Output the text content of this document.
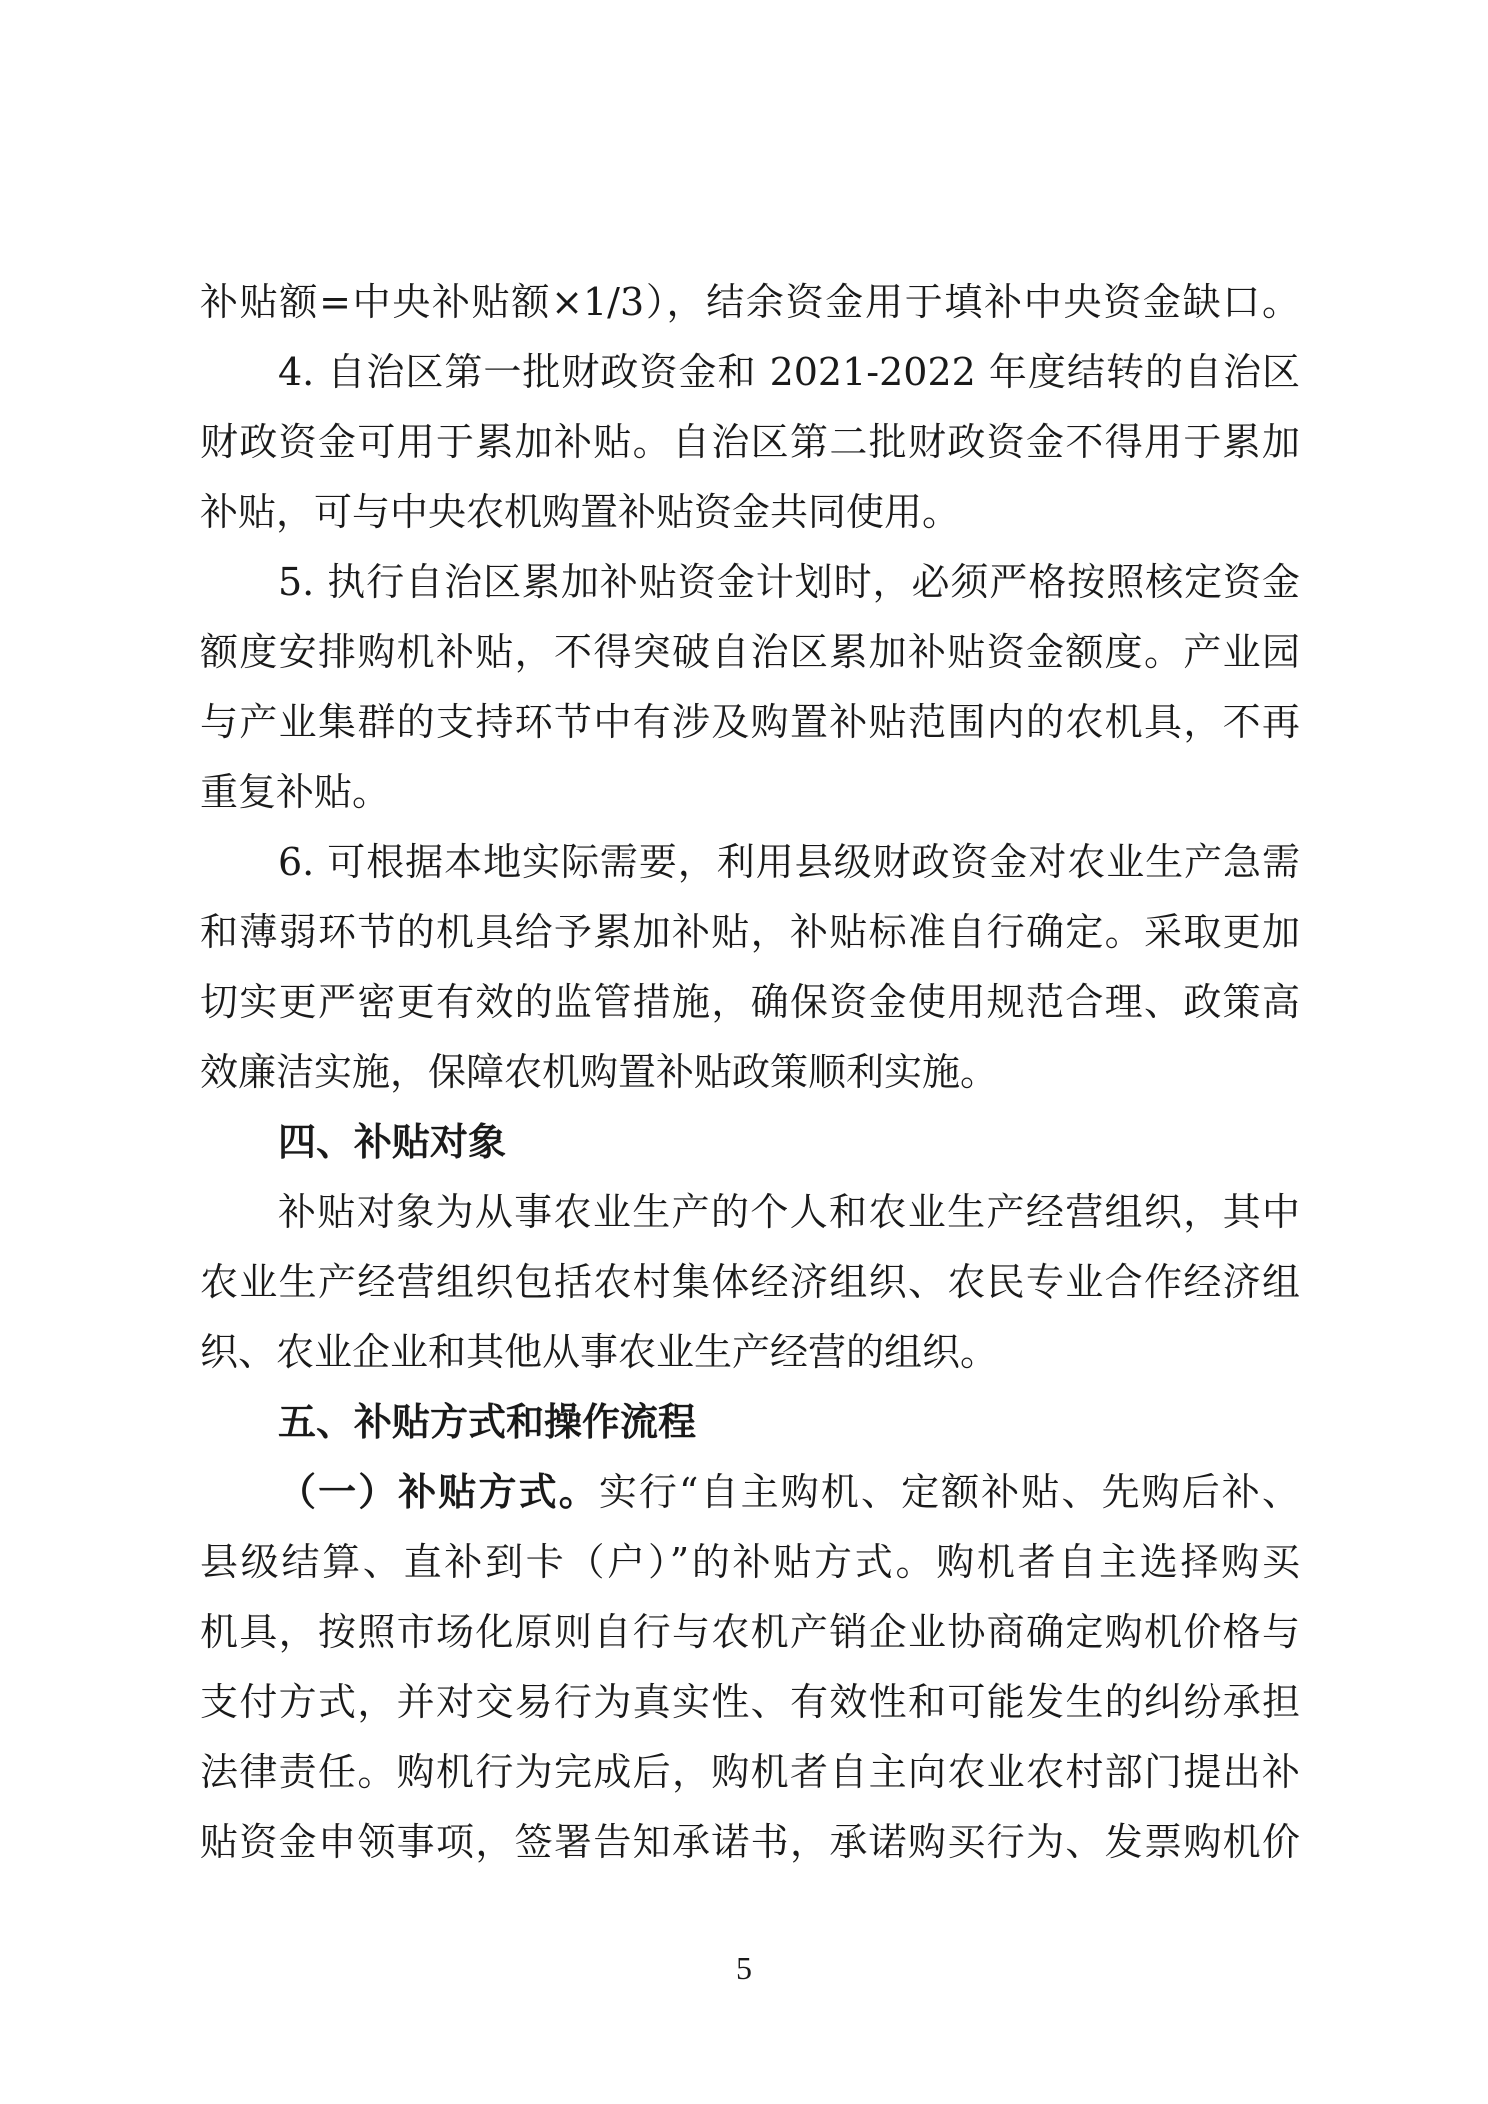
补贴额=中央补贴额×1/3），结余资金用于填补中央资金缺口。
4. 自治区第一批财政资金和 2021-2022 年度结转的自治区
财政资金可用于累加补贴。自治区第二批财政资金不得用于累加
补贴，可与中央农机购置补贴资金共同使用。
5. 执行自治区累加补贴资金计划时，必须严格按照核定资金
额度安排购机补贴，不得突破自治区累加补贴资金额度。产业园
与产业集群的支持环节中有涉及购置补贴范围内的农机具，不再
重复补贴。
6. 可根据本地实际需要，利用县级财政资金对农业生产急需
和薄弱环节的机具给予累加补贴，补贴标准自行确定。采取更加
切实更严密更有效的监管措施，确保资金使用规范合理、政策高
效廉洁实施，保障农机购置补贴政策顺利实施。
四、补贴对象
补贴对象为从事农业生产的个人和农业生产经营组织，其中
农业生产经营组织包括农村集体经济组织、农民专业合作经济组
织、农业企业和其他从事农业生产经营的组织。
五、补贴方式和操作流程
（一）补贴方式。实行“自主购机、定额补贴、先购后补、
县级结算、直补到卡（户）”的补贴方式。购机者自主选择购买
机具，按照市场化原则自行与农机产销企业协商确定购机价格与
支付方式，并对交易行为真实性、有效性和可能发生的纠纷承担
法律责任。购机行为完成后，购机者自主向农业农村部门提出补
贴资金申领事项，签署告知承诺书，承诺购买行为、发票购机价
5
